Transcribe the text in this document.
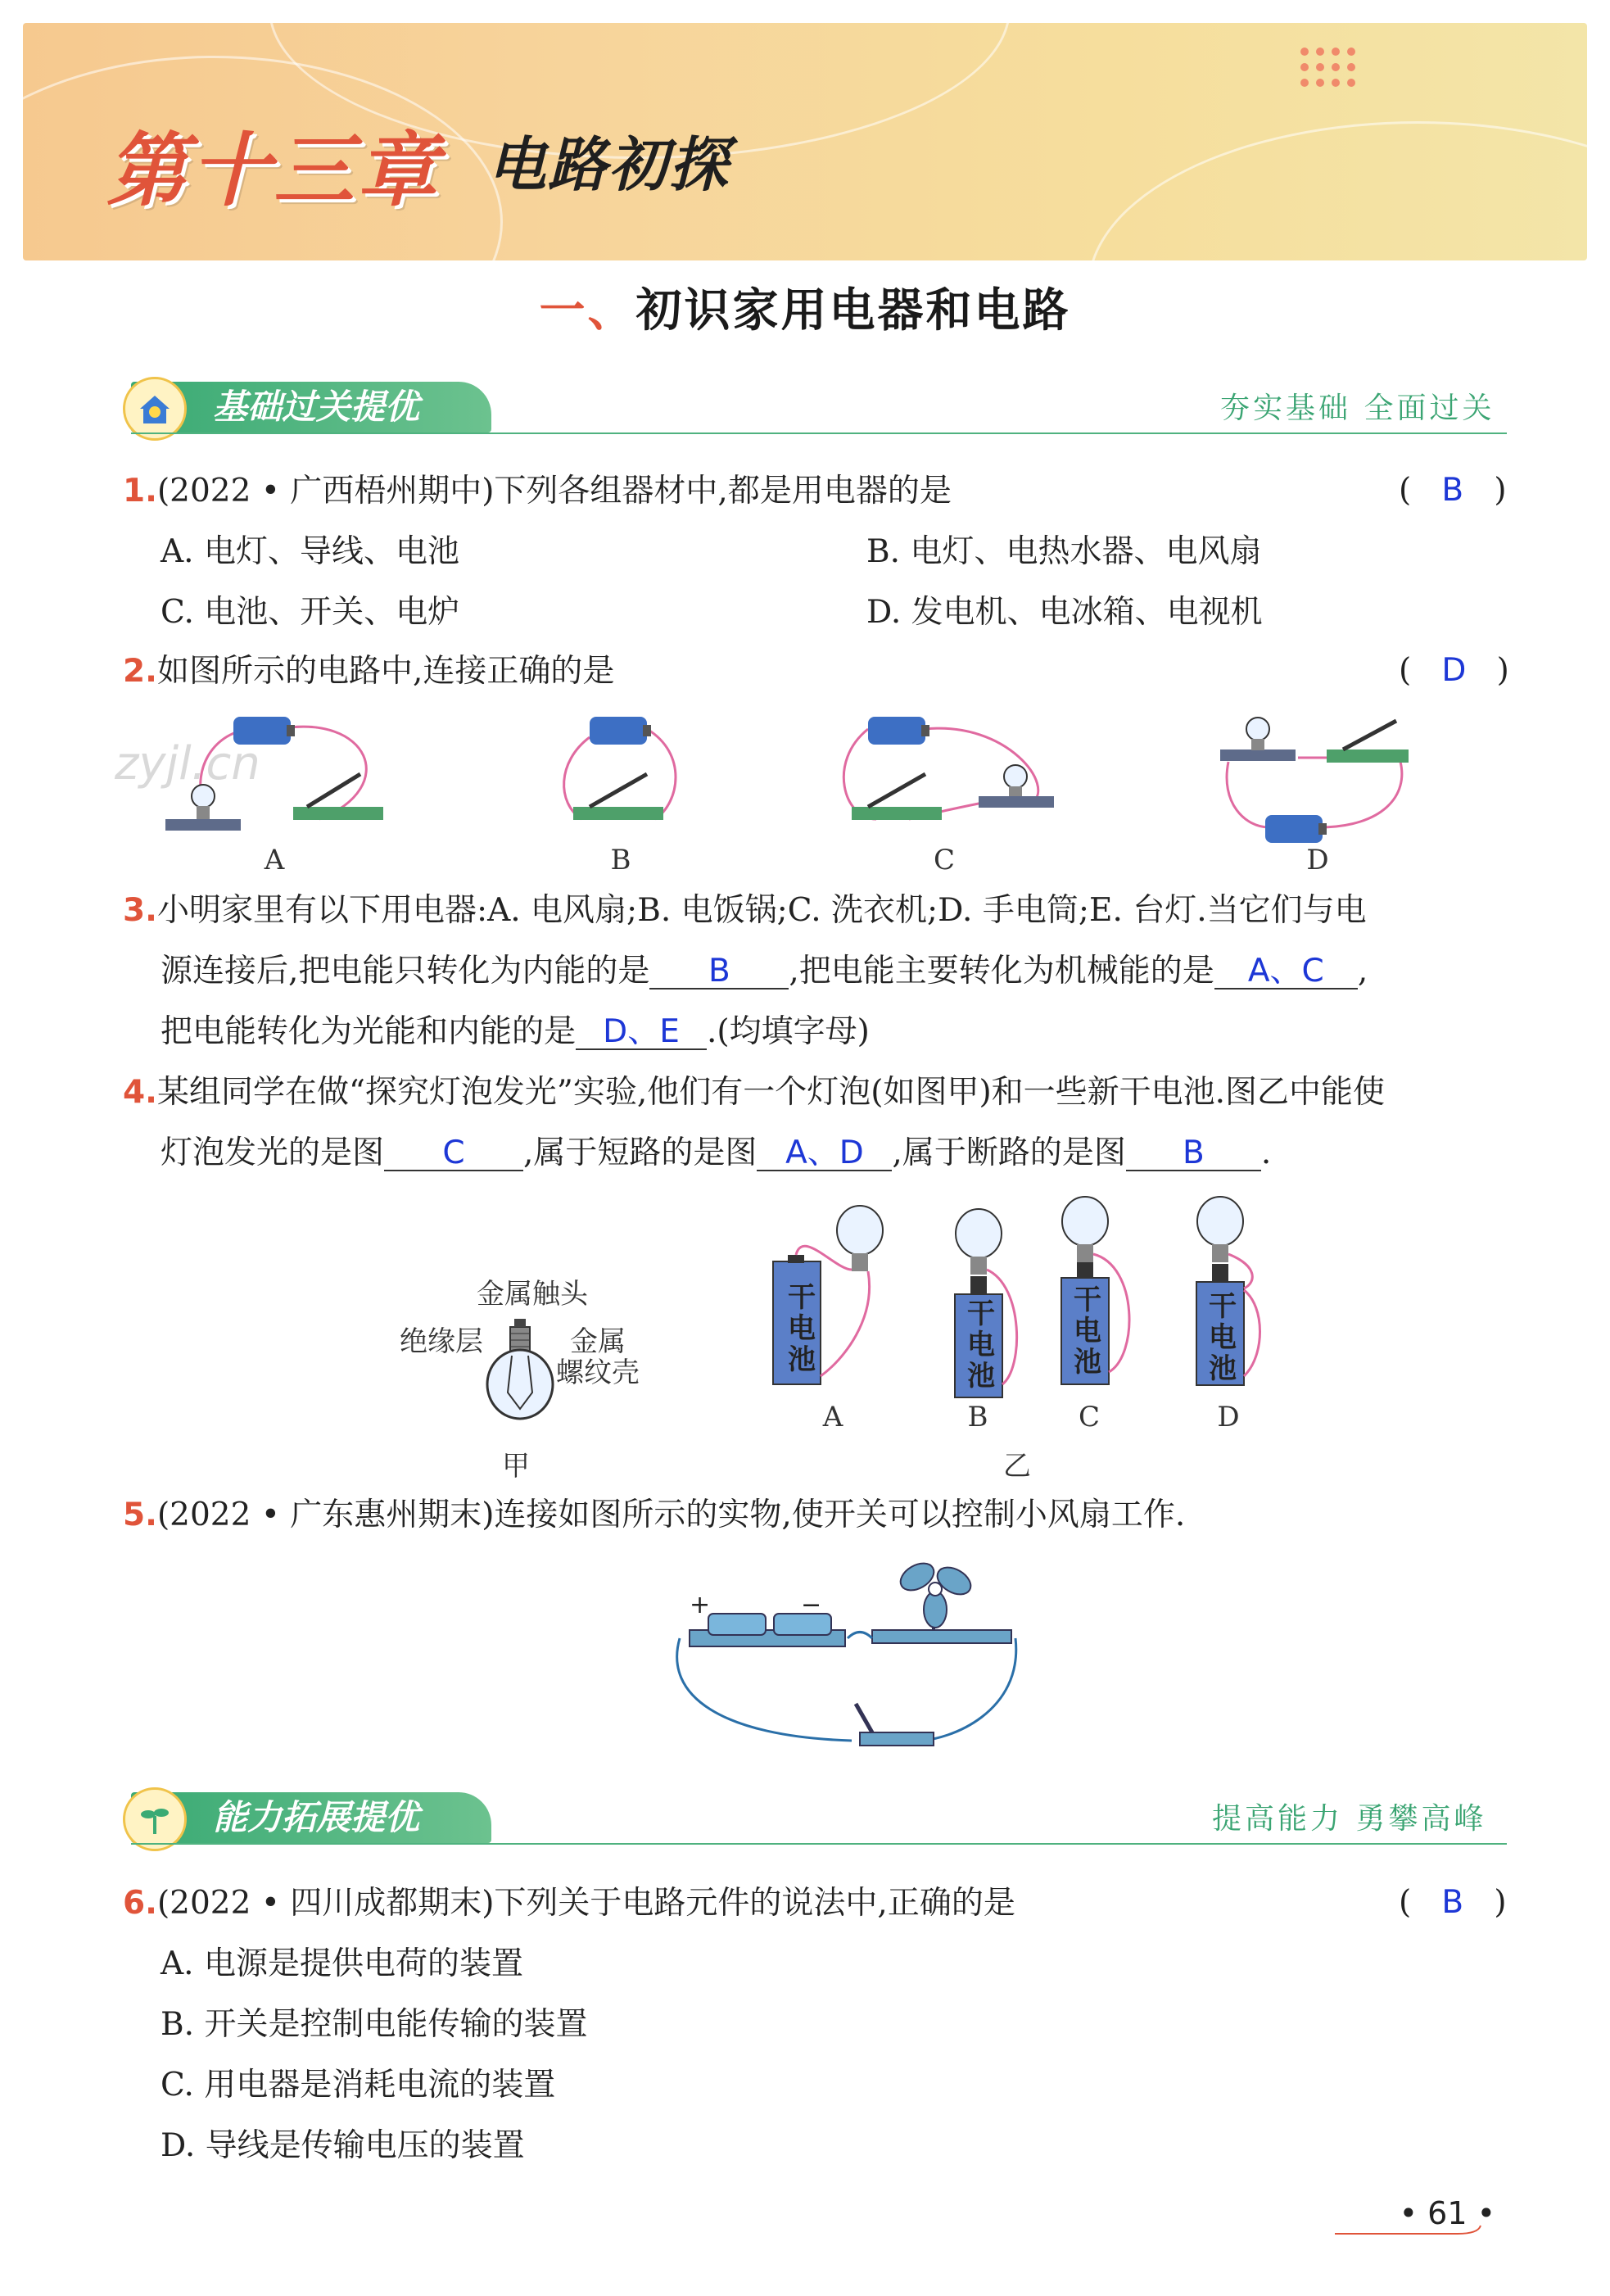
第十三章 电路初探
一、初识家用电器和电路
基础过关提优	夯实基础 全面过关
1.(2022 • 广西梧州期中)下列各组器材中,都是用电器的是	(   B   )
A. 电灯、导线、电池	B. 电灯、电热水器、电风扇
C. 电池、开关、电炉	D. 发电机、电冰箱、电视机
2.如图所示的电路中,连接正确的是	(   D   )
A	B	C	D
zyjl.cn
3.小明家里有以下用电器:A. 电风扇;B. 电饭锅;C. 洗衣机;D. 手电筒;E. 台灯.当它们与电
源连接后,把电能只转化为内能的是 B ,把电能主要转化为机械能的是 A、C ,
把电能转化为光能和内能的是 D、E .(均填字母)
4.某组同学在做“探究灯泡发光”实验,他们有一个灯泡(如图甲)和一些新干电池.图乙中能使
灯泡发光的是图 C ,属于短路的是图 A、D ,属于断路的是图 B .
金属触头
绝缘层	金属
螺纹壳
甲
干
电
池
干
电
池
干
电
池
干
电
池
A	B	C	D
乙
5.(2022 • 广东惠州期末)连接如图所示的实物,使开关可以控制小风扇工作.
+	−
能力拓展提优	提高能力 勇攀高峰
6.(2022 • 四川成都期末)下列关于电路元件的说法中,正确的是	(   B   )
A. 电源是提供电荷的装置
B. 开关是控制电能传输的装置
C. 用电器是消耗电流的装置
D. 导线是传输电压的装置
• 61 •
